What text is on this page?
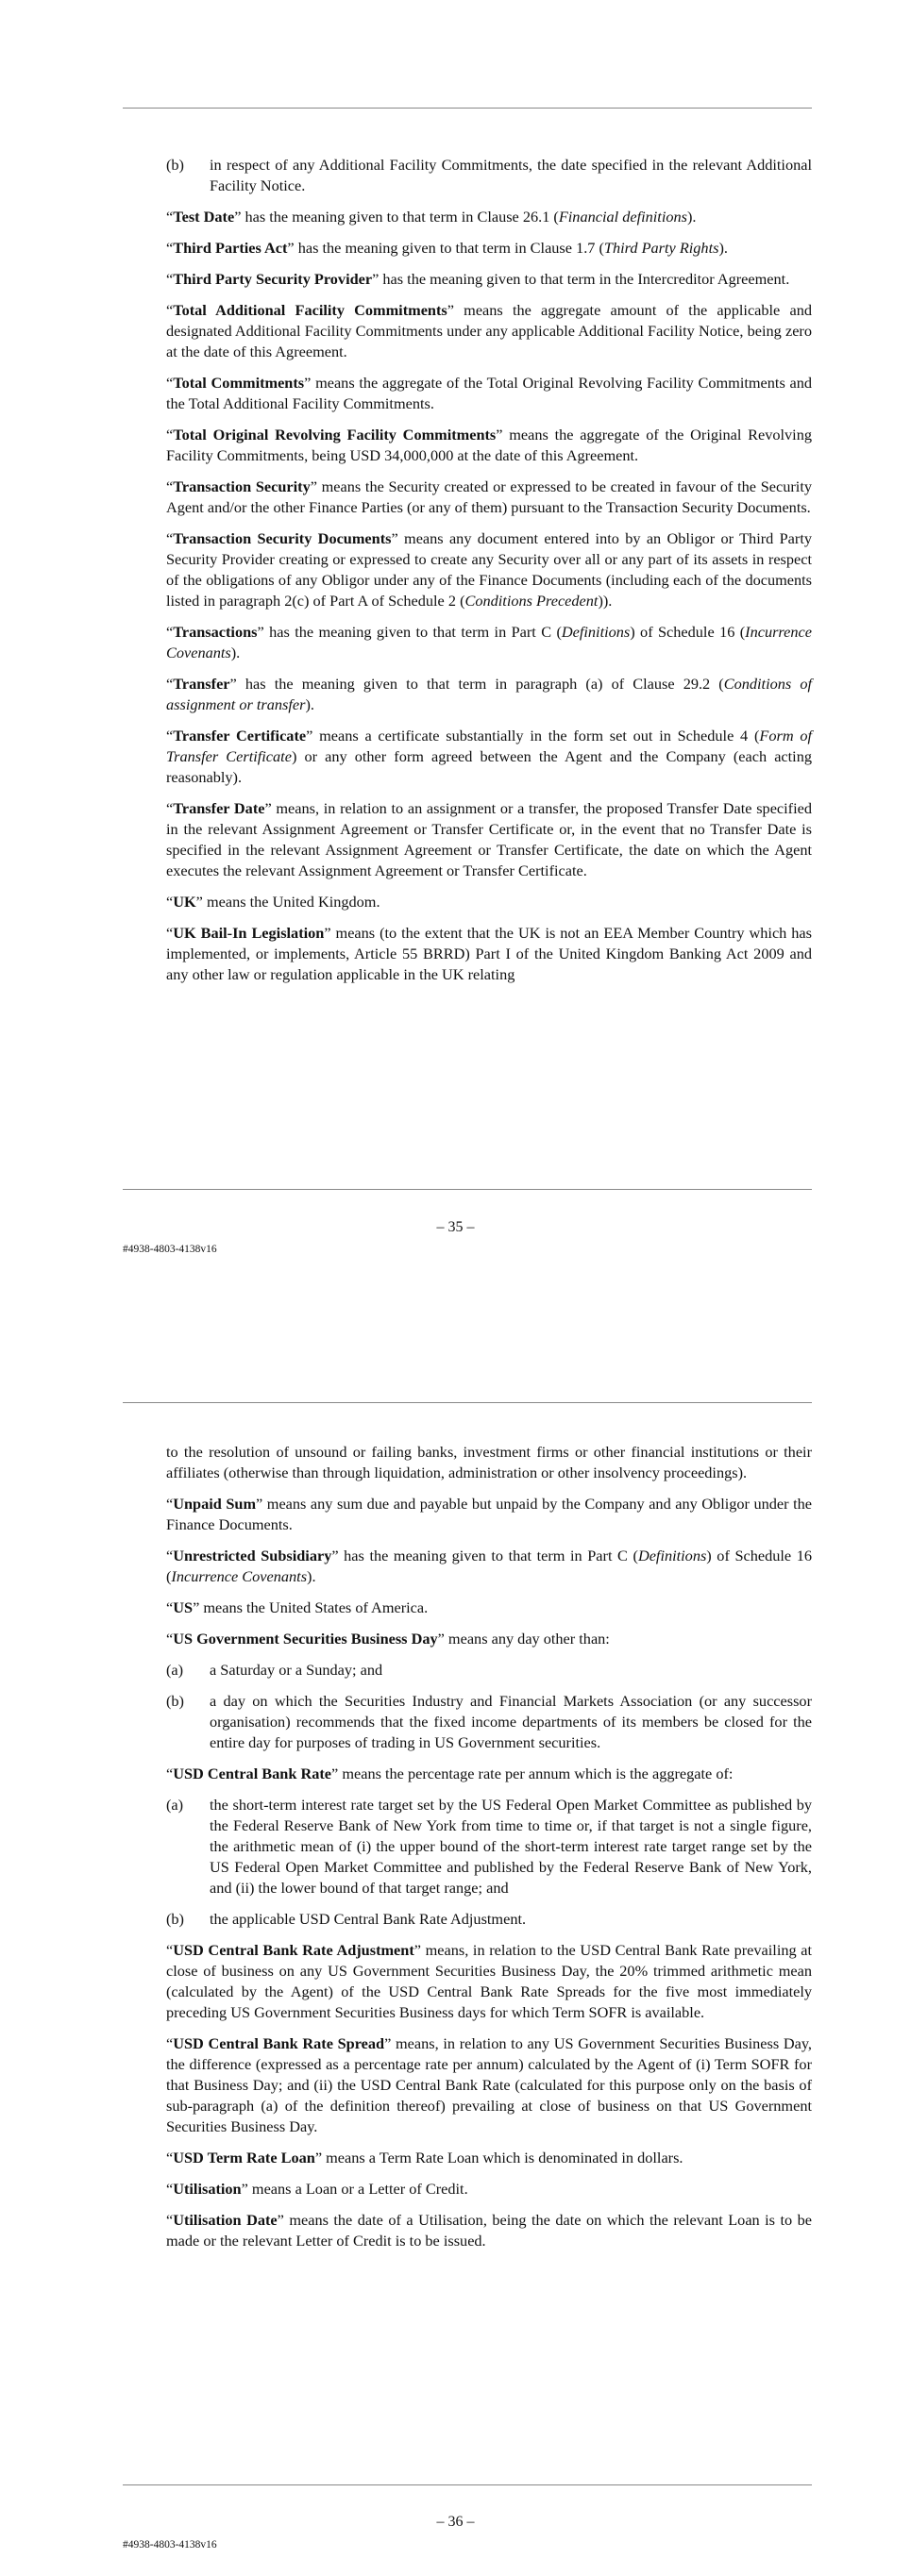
(b)	in respect of any Additional Facility Commitments, the date specified in the relevant Additional Facility Notice.

“Test Date” has the meaning given to that term in Clause 26.1 (Financial definitions).

“Third Parties Act” has the meaning given to that term in Clause 1.7 (Third Party Rights).

“Third Party Security Provider” has the meaning given to that term in the Intercreditor Agreement.

“Total Additional Facility Commitments” means the aggregate amount of the applicable and designated Additional Facility Commitments under any applicable Additional Facility Notice, being zero at the date of this Agreement.

“Total Commitments” means the aggregate of the Total Original Revolving Facility Commitments and the Total Additional Facility Commitments.

“Total Original Revolving Facility Commitments” means the aggregate of the Original Revolving Facility Commitments, being USD 34,000,000 at the date of this Agreement.

“Transaction Security” means the Security created or expressed to be created in favour of the Security Agent and/or the other Finance Parties (or any of them) pursuant to the Transaction Security Documents.

“Transaction Security Documents” means any document entered into by an Obligor or Third Party Security Provider creating or expressed to create any Security over all or any part of its assets in respect of the obligations of any Obligor under any of the Finance Documents (including each of the documents listed in paragraph 2(c) of Part A of Schedule 2 (Conditions Precedent)).

“Transactions” has the meaning given to that term in Part C (Definitions) of Schedule 16 (Incurrence Covenants).

“Transfer” has the meaning given to that term in paragraph (a) of Clause 29.2 (Conditions of assignment or transfer).

“Transfer Certificate” means a certificate substantially in the form set out in Schedule 4 (Form of Transfer Certificate) or any other form agreed between the Agent and the Company (each acting reasonably).

“Transfer Date” means, in relation to an assignment or a transfer, the proposed Transfer Date specified in the relevant Assignment Agreement or Transfer Certificate or, in the event that no Transfer Date is specified in the relevant Assignment Agreement or Transfer Certificate, the date on which the Agent executes the relevant Assignment Agreement or Transfer Certificate.

“UK” means the United Kingdom.

“UK Bail-In Legislation” means (to the extent that the UK is not an EEA Member Country which has implemented, or implements, Article 55 BRRD) Part I of the United Kingdom Banking Act 2009 and any other law or regulation applicable in the UK relating

– 35 –
#4938-4803-4138v16

to the resolution of unsound or failing banks, investment firms or other financial institutions or their affiliates (otherwise than through liquidation, administration or other insolvency proceedings).

“Unpaid Sum” means any sum due and payable but unpaid by the Company and any Obligor under the Finance Documents.

“Unrestricted Subsidiary” has the meaning given to that term in Part C (Definitions) of Schedule 16 (Incurrence Covenants).

“US” means the United States of America.

“US Government Securities Business Day” means any day other than:

(a)	a Saturday or a Sunday; and
(b)	a day on which the Securities Industry and Financial Markets Association (or any successor organisation) recommends that the fixed income departments of its members be closed for the entire day for purposes of trading in US Government securities.

“USD Central Bank Rate” means the percentage rate per annum which is the aggregate of:

(a)	the short-term interest rate target set by the US Federal Open Market Committee as published by the Federal Reserve Bank of New York from time to time or, if that target is not a single figure, the arithmetic mean of (i) the upper bound of the short-term interest rate target range set by the US Federal Open Market Committee and published by the Federal Reserve Bank of New York, and (ii) the lower bound of that target range; and
(b)	the applicable USD Central Bank Rate Adjustment.

“USD Central Bank Rate Adjustment” means, in relation to the USD Central Bank Rate prevailing at close of business on any US Government Securities Business Day, the 20% trimmed arithmetic mean (calculated by the Agent) of the USD Central Bank Rate Spreads for the five most immediately preceding US Government Securities Business days for which Term SOFR is available.

“USD Central Bank Rate Spread” means, in relation to any US Government Securities Business Day, the difference (expressed as a percentage rate per annum) calculated by the Agent of (i) Term SOFR for that Business Day; and (ii) the USD Central Bank Rate (calculated for this purpose only on the basis of sub-paragraph (a) of the definition thereof) prevailing at close of business on that US Government Securities Business Day.

“USD Term Rate Loan” means a Term Rate Loan which is denominated in dollars.

“Utilisation” means a Loan or a Letter of Credit.

“Utilisation Date” means the date of a Utilisation, being the date on which the relevant Loan is to be made or the relevant Letter of Credit is to be issued.

– 36 –
#4938-4803-4138v16
